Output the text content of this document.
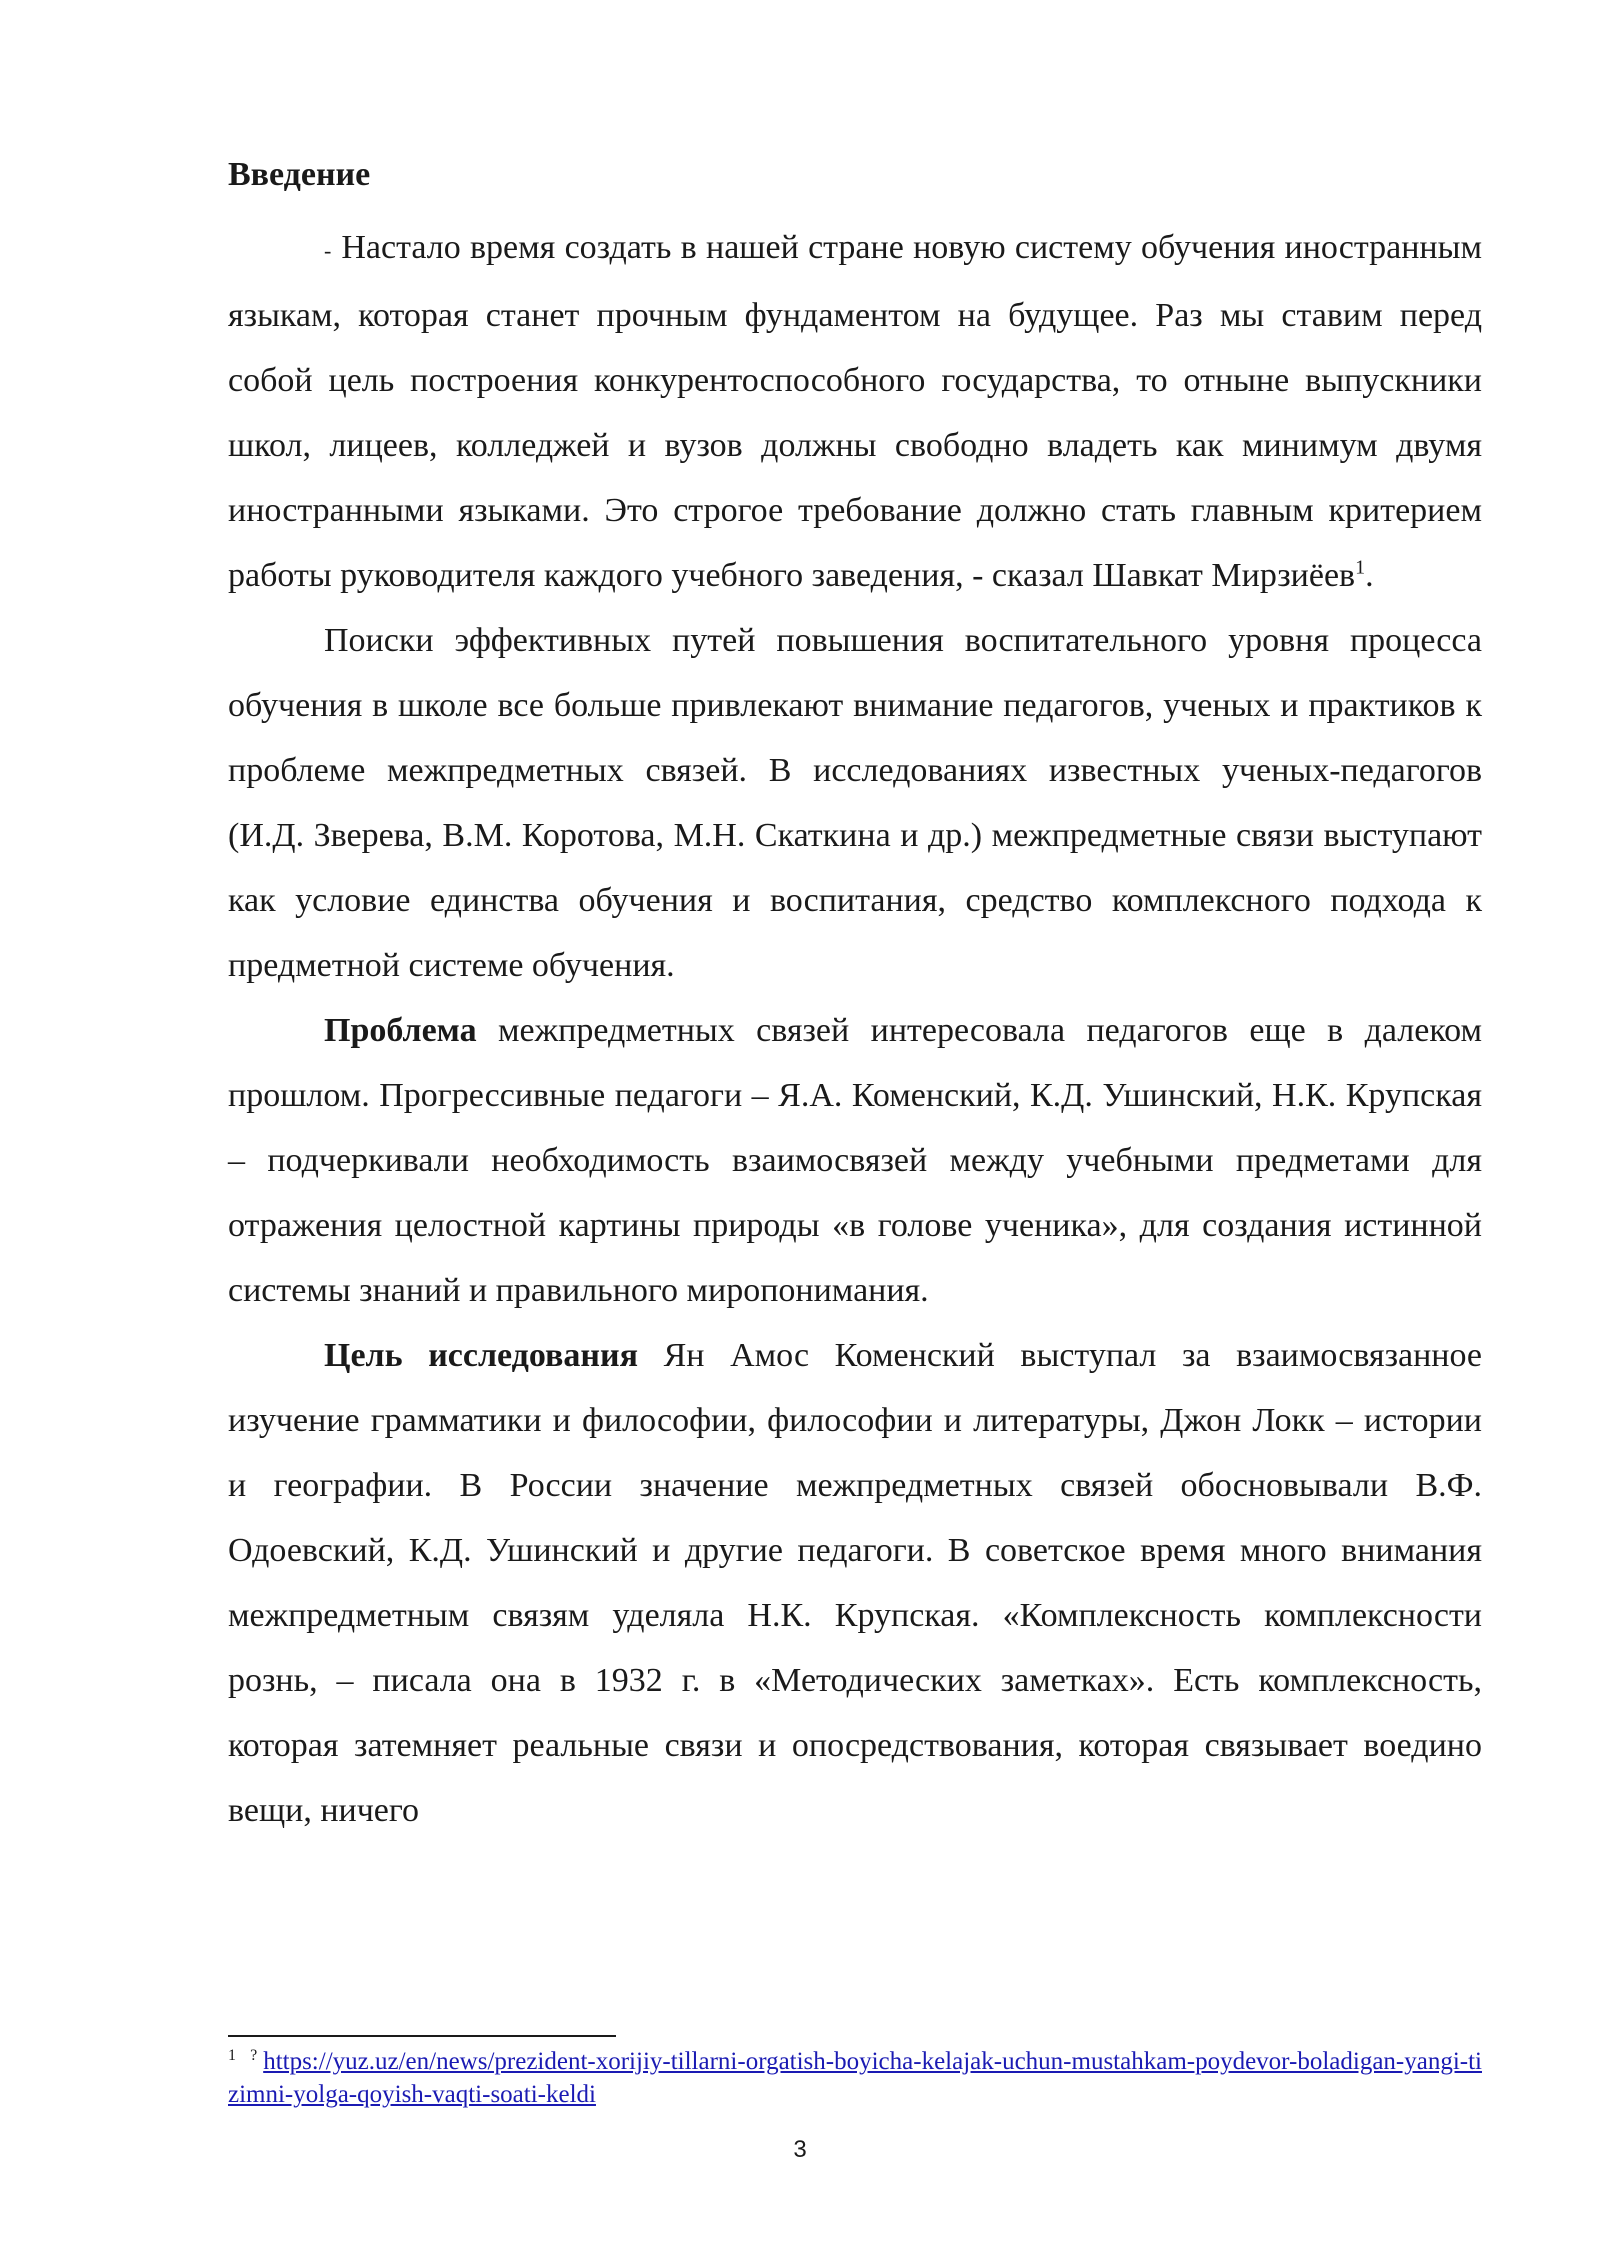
Введение

- Настало время создать в нашей стране новую систему обучения иностранным языкам, которая станет прочным фундаментом на будущее. Раз мы ставим перед собой цель построения конкурентоспособного государства, то отныне выпускники школ, лицеев, колледжей и вузов должны свободно владеть как минимум двумя иностранными языками. Это строгое требование должно стать главным критерием работы руководителя каждого учебного заведения, - сказал Шавкат Мирзиёев$^1$.

Поиски эффективных путей повышения воспитательного уровня процесса обучения в школе все больше привлекают внимание педагогов, ученых и практиков к проблеме межпредметных связей. В исследованиях известных ученых-педагогов (И.Д. Зверева, В.М. Коротова, М.Н. Скаткина и др.) межпредметные связи выступают как условие единства обучения и воспитания, средство комплексного подхода к предметной системе обучения.

Проблема межпредметных связей интересовала педагогов еще в далеком прошлом. Прогрессивные педагоги – Я.А. Коменский, К.Д. Ушинский, Н.К. Крупская – подчеркивали необходимость взаимосвязей между учебными предметами для отражения целостной картины природы «в голове ученика», для создания истинной системы знаний и правильного миропонимания.

Цель исследования Ян Амос Коменский выступал за взаимосвязанное изучение грамматики и философии, философии и литературы, Джон Локк – истории и географии. В России значение межпредметных связей обосновывали В.Ф. Одоевский, К.Д. Ушинский и другие педагоги. В советское время много внимания межпредметным связям уделяла Н.К. Крупская. «Комплексность комплексности рознь, – писала она в 1932 г. в «Методических заметках». Есть комплексность, которая затемняет реальные связи и опосредствования, которая связывает воедино вещи, ничего

$^{1 ?}$ https://yuz.uz/en/news/prezident-xorijiy-tillarni-orgatish-boyicha-kelajak-uchun-mustahkam-poydevor-boladigan-yangi-tizimni-yolga-qoyish-vaqti-soati-keldi
3
